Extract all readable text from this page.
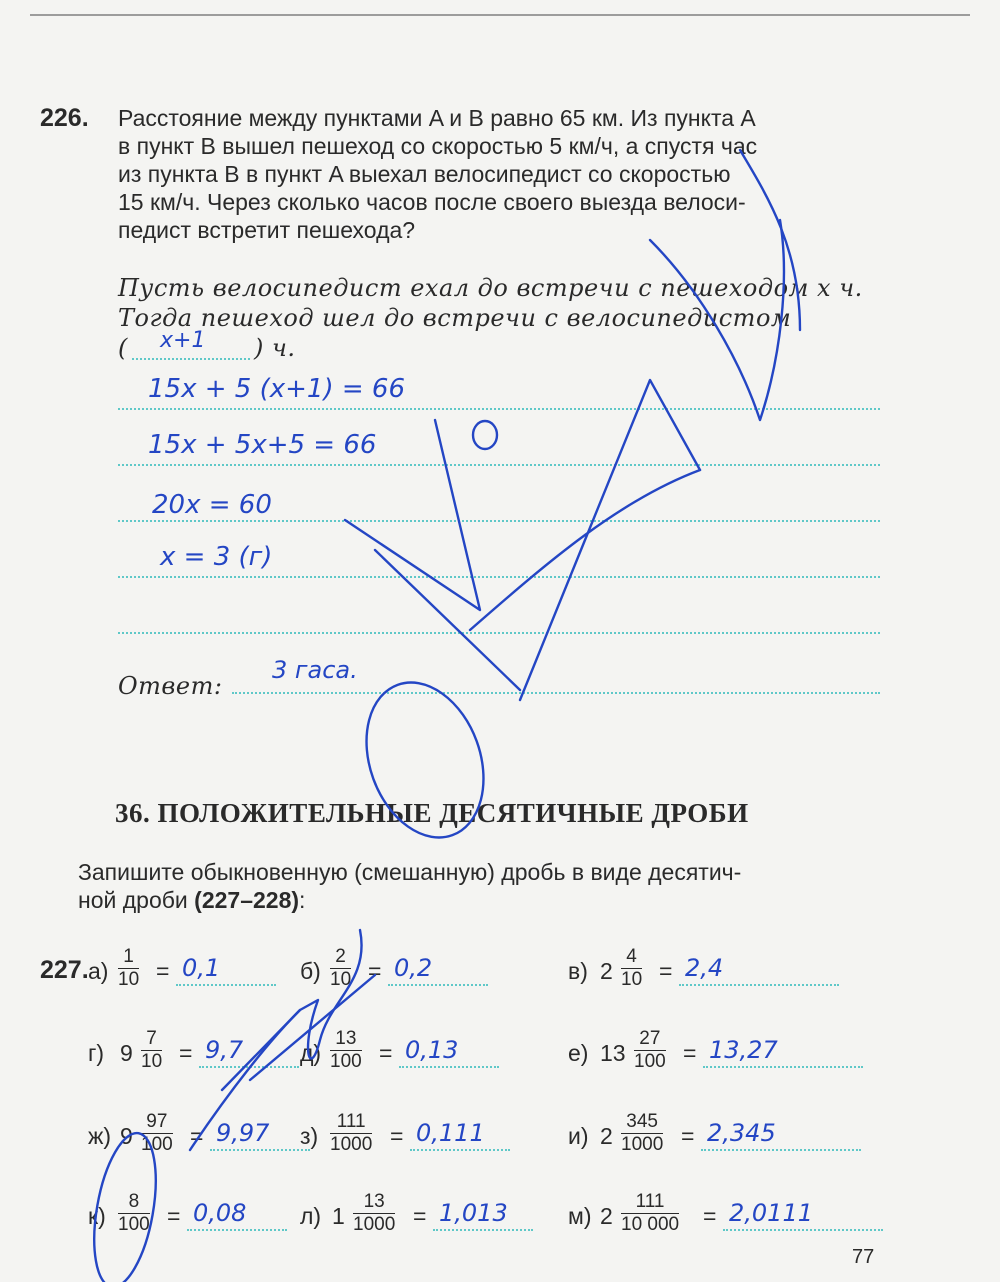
226. Расстояние между пунктами A и B равно 65 км. Из пункта A
в пункт B вышел пешеход со скоростью 5 км/ч, а спустя час
из пункта B в пункт A выехал велосипедист со скоростью
15 км/ч. Через сколько часов после своего выезда велоси-
педист встретит пешехода?
Пусть велосипедист ехал до встречи с пешеходом x ч.
Тогда пешеход шел до встречи с велосипедистом
( x+1 ) ч.
15x + 5 (x+1) = 66
15x + 5x+5 = 66
20x = 60
x = 3 (г)
Ответ:
3 гаса.
36. ПОЛОЖИТЕЛЬНЫЕ ДЕСЯТИЧНЫЕ ДРОБИ
Запишите обыкновенную (смешанную) дробь в виде десятич-
ной дроби (227–228):
227. $а) \frac{1}{10} = 0,1$	$б) \frac{2}{10} = 0,2$	в) $2 \frac{4}{10} = 2,4$
г) $9 \frac{7}{10} = 9,7$ $д) \frac{13}{100} = 0,13$	е) $13 \frac{27}{100} = 13,27$
ж) $9 \frac{97}{100} = 9,97$ $з) \frac{111}{1000} = 0,111$	и) $2 \frac{345}{1000} = 2,345$
$к) \frac{8}{100} = 0,08$ л) $1 \frac{13}{1000} = 1,013$	м) $2 \frac{111}{10 000} = 2,0111$
77
